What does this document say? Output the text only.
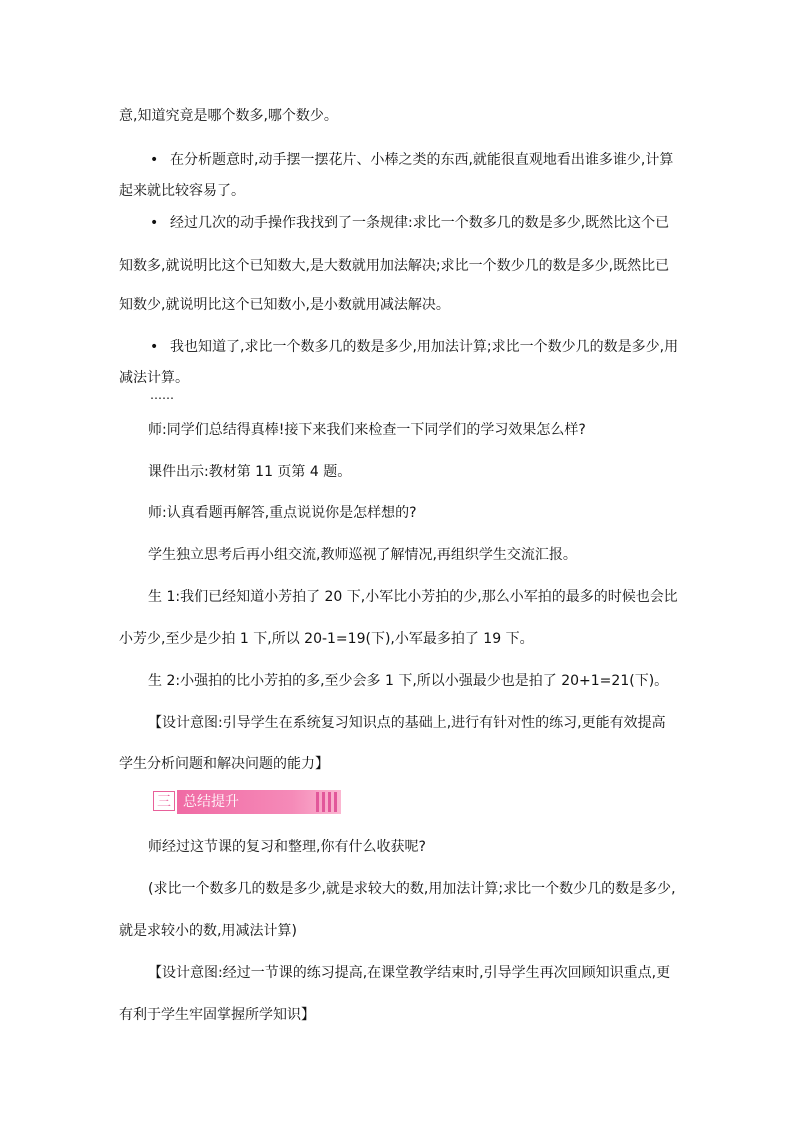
意,知道究竟是哪个数多,哪个数少。
• 在分析题意时,动手摆一摆花片、小棒之类的东西,就能很直观地看出谁多谁少,计算
起来就比较容易了。
• 经过几次的动手操作我找到了一条规律:求比一个数多几的数是多少,既然比这个已
知数多,就说明比这个已知数大,是大数就用加法解决;求比一个数少几的数是多少,既然比已
知数少,就说明比这个已知数小,是小数就用减法解决。
• 我也知道了,求比一个数多几的数是多少,用加法计算;求比一个数少几的数是多少,用
减法计算。
……
师:同学们总结得真棒!接下来我们来检查一下同学们的学习效果怎么样?
课件出示:教材第 11 页第 4 题。
师:认真看题再解答,重点说说你是怎样想的?
学生独立思考后再小组交流,教师巡视了解情况,再组织学生交流汇报。
生 1:我们已经知道小芳拍了 20 下,小军比小芳拍的少,那么小军拍的最多的时候也会比
小芳少,至少是少拍 1 下,所以 20-1=19(下),小军最多拍了 19 下。
生 2:小强拍的比小芳拍的多,至少会多 1 下,所以小强最少也是拍了 20+1=21(下)。
【设计意图:引导学生在系统复习知识点的基础上,进行有针对性的练习,更能有效提高
学生分析问题和解决问题的能力】
三 总结提升
师经过这节课的复习和整理,你有什么收获呢?
(求比一个数多几的数是多少,就是求较大的数,用加法计算;求比一个数少几的数是多少,
就是求较小的数,用减法计算)
【设计意图:经过一节课的练习提高,在课堂教学结束时,引导学生再次回顾知识重点,更
有利于学生牢固掌握所学知识】
